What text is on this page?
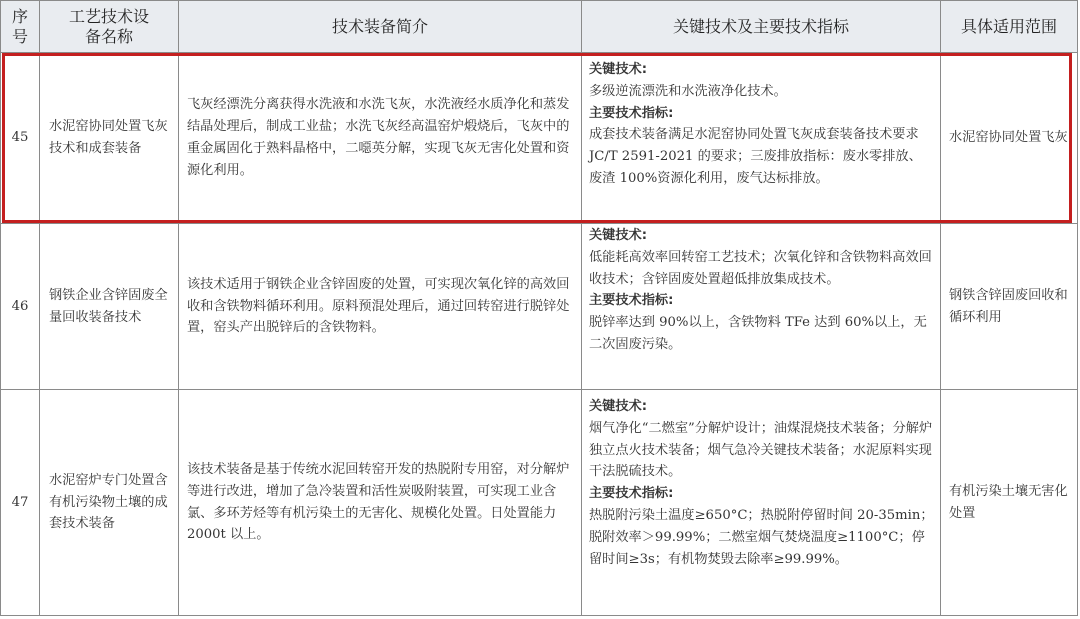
序号	工艺技术设备名称	技术装备简介	关键技术及主要技术指标	具体适用范围
45	水泥窑协同处置飞灰技术和成套装备	飞灰经漂洗分离获得水洗液和水洗飞灰，水洗液经水质净化和蒸发结晶处理后，制成工业盐；水洗飞灰经高温窑炉煅烧后，飞灰中的重金属固化于熟料晶格中，二噁英分解，实现飞灰无害化处置和资源化利用。	关键技术:
多级逆流漂洗和水洗液净化技术。
主要技术指标:
成套技术装备满足水泥窑协同处置飞灰成套装备技术要求 JC/T 2591-2021 的要求；三废排放指标：废水零排放、废渣 100%资源化利用，废气达标排放。	水泥窑协同处置飞灰
46	钢铁企业含锌固废全量回收装备技术	该技术适用于钢铁企业含锌固废的处置，可实现次氧化锌的高效回收和含铁物料循环利用。原料预混处理后，通过回转窑进行脱锌处置，窑头产出脱锌后的含铁物料。	关键技术:
低能耗高效率回转窑工艺技术；次氧化锌和含铁物料高效回收技术；含锌固废处置超低排放集成技术。
主要技术指标:
脱锌率达到 90%以上，含铁物料 TFe 达到 60%以上，无二次固废污染。	钢铁含锌固废回收和循环利用
47	水泥窑炉专门处置含有机污染物土壤的成套技术装备	该技术装备是基于传统水泥回转窑开发的热脱附专用窑，对分解炉等进行改进，增加了急冷装置和活性炭吸附装置，可实现工业含氯、多环芳烃等有机污染土的无害化、规模化处置。日处置能力 2000t 以上。	关键技术:
烟气净化“二燃室”分解炉设计；油煤混烧技术装备；分解炉独立点火技术装备；烟气急冷关键技术装备；水泥原料实现干法脱硫技术。
主要技术指标:
热脱附污染土温度≥650°C；热脱附停留时间 20-35min；脱附效率＞99.99%；二燃室烟气焚烧温度≥1100°C；停留时间≥3s；有机物焚毁去除率≥99.99%。	有机污染土壤无害化处置
